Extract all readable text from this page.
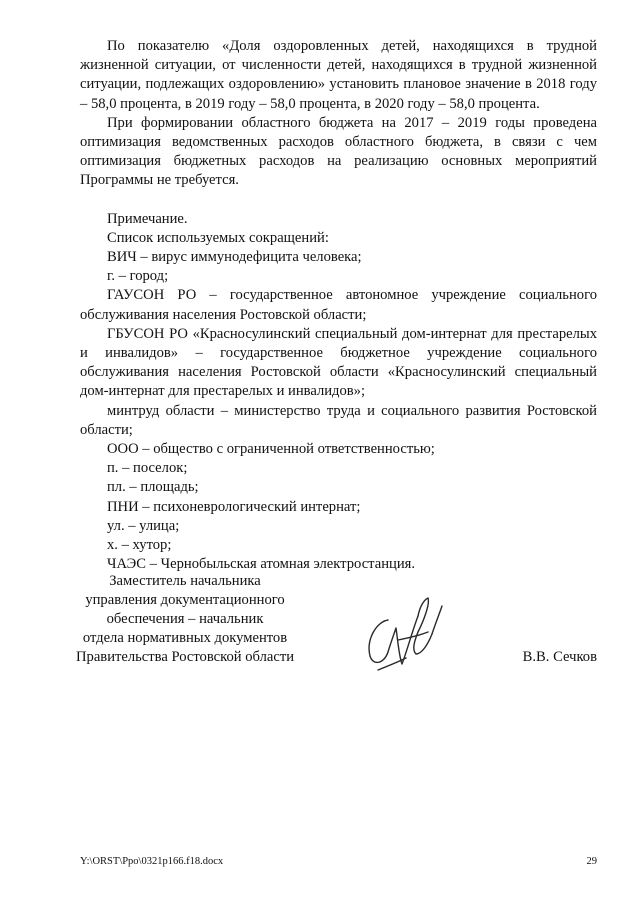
По показателю «Доля оздоровленных детей, находящихся в трудной жизненной ситуации, от численности детей, находящихся в трудной жизненной ситуации, подлежащих оздоровлению» установить плановое значение в 2018 году – 58,0 процента, в 2019 году – 58,0 процента, в 2020 году – 58,0 процента.

При формировании областного бюджета на 2017 – 2019 годы проведена оптимизация ведомственных расходов областного бюджета, в связи с чем оптимизация бюджетных расходов на реализацию основных мероприятий Программы не требуется.

Примечание.

Список используемых сокращений:

ВИЧ – вирус иммунодефицита человека;

г. – город;

ГАУСОН РО – государственное автономное учреждение социального обслуживания населения Ростовской области;

ГБУСОН РО «Красносулинский специальный дом-интернат для престарелых и инвалидов» – государственное бюджетное учреждение социального обслуживания населения Ростовской области «Красносулинский специальный дом-интернат для престарелых и инвалидов»;

минтруд области – министерство труда и социального развития Ростовской области;

ООО – общество с ограниченной ответственностью;

п. – поселок;

пл. – площадь;

ПНИ – психоневрологический интернат;

ул. – улица;

х. – хутор;

ЧАЭС – Чернобыльская атомная электростанция.

Заместитель начальника
управления документационного
обеспечения – начальник
отдела нормативных документов
Правительства Ростовской области	В.В. Сечков
Y:\ORST\Ppo\0321p166.f18.docx	29
